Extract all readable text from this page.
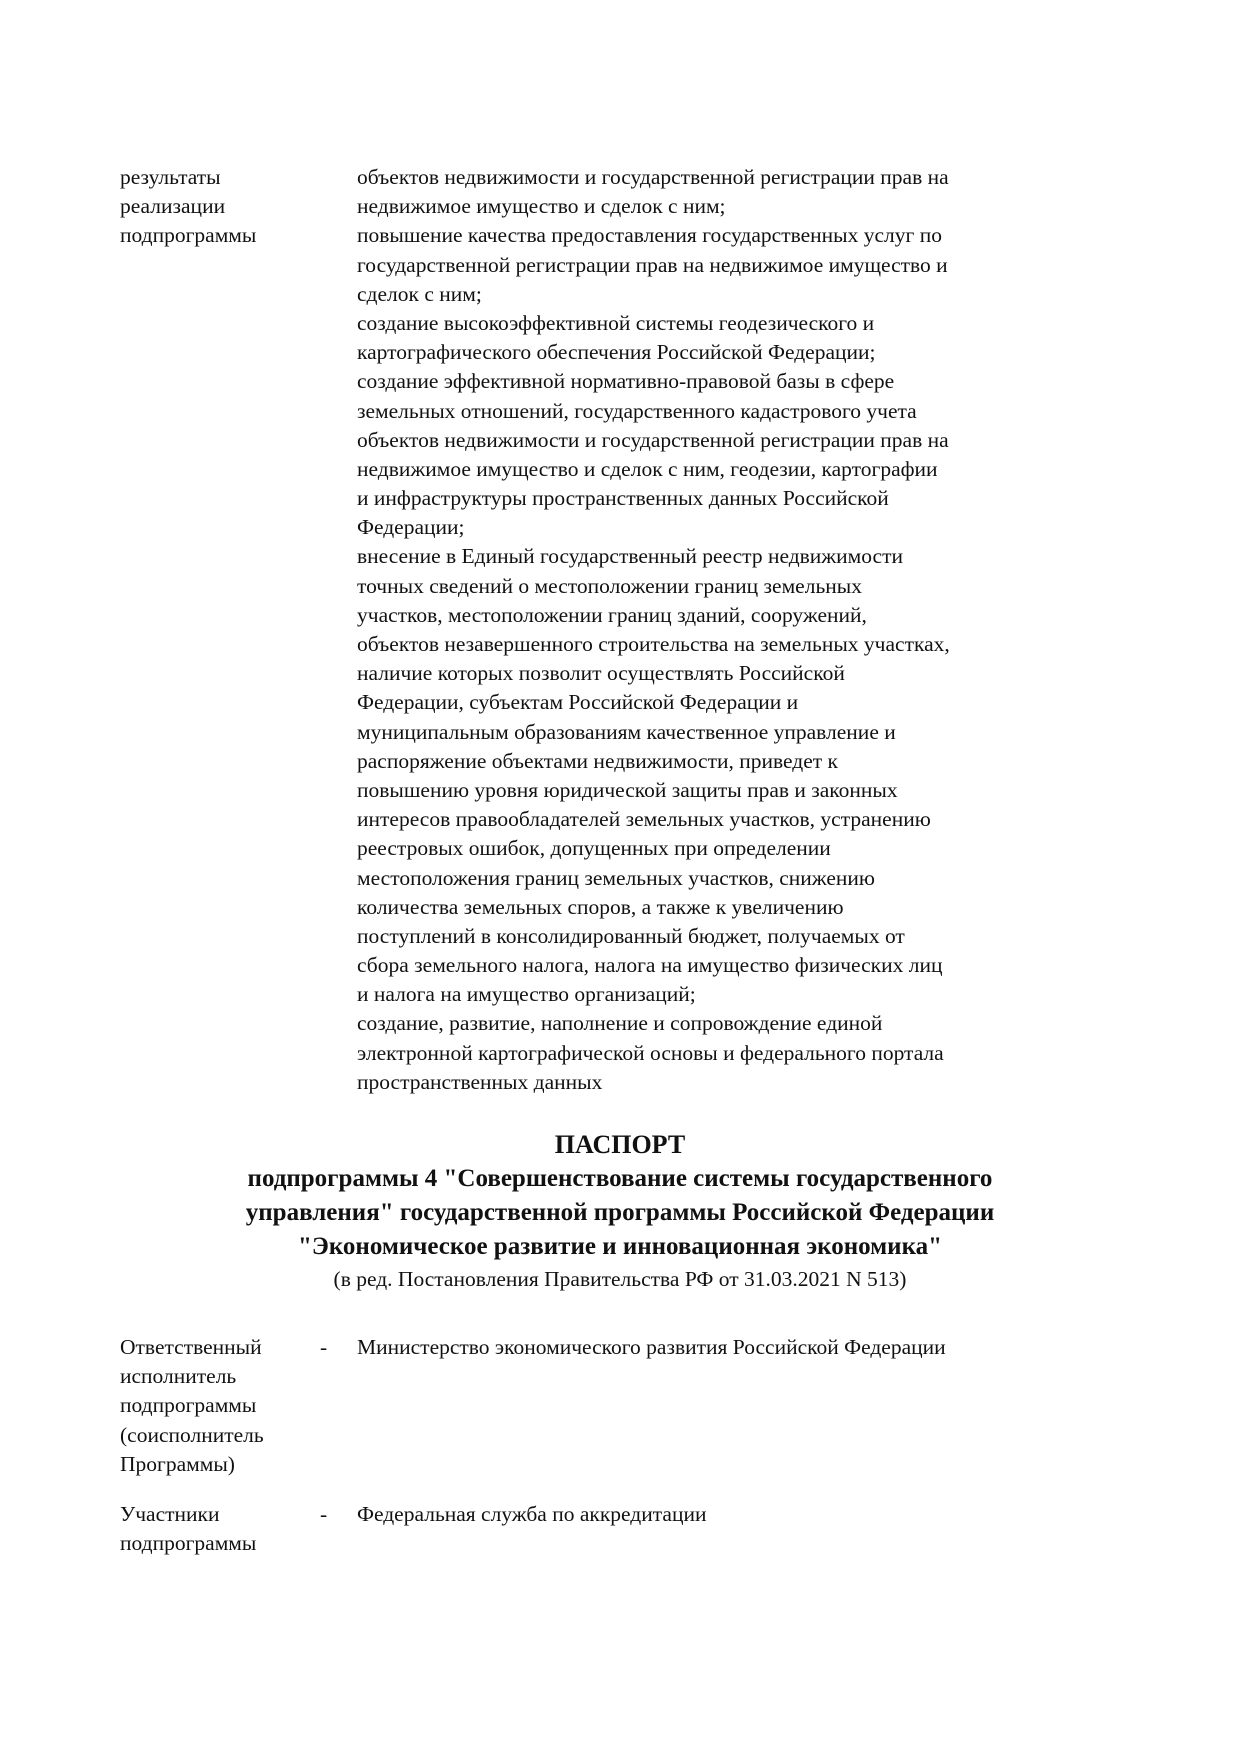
результаты
реализации
подпрограммы
объектов недвижимости и государственной регистрации прав на
недвижимое имущество и сделок с ним;
повышение качества предоставления государственных услуг по
государственной регистрации прав на недвижимое имущество и
сделок с ним;
создание высокоэффективной системы геодезического и
картографического обеспечения Российской Федерации;
создание эффективной нормативно-правовой базы в сфере
земельных отношений, государственного кадастрового учета
объектов недвижимости и государственной регистрации прав на
недвижимое имущество и сделок с ним, геодезии, картографии
и инфраструктуры пространственных данных Российской
Федерации;
внесение в Единый государственный реестр недвижимости
точных сведений о местоположении границ земельных
участков, местоположении границ зданий, сооружений,
объектов незавершенного строительства на земельных участках,
наличие которых позволит осуществлять Российской
Федерации, субъектам Российской Федерации и
муниципальным образованиям качественное управление и
распоряжение объектами недвижимости, приведет к
повышению уровня юридической защиты прав и законных
интересов правообладателей земельных участков, устранению
реестровых ошибок, допущенных при определении
местоположения границ земельных участков, снижению
количества земельных споров, а также к увеличению
поступлений в консолидированный бюджет, получаемых от
сбора земельного налога, налога на имущество физических лиц
и налога на имущество организаций;
создание, развитие, наполнение и сопровождение единой
электронной картографической основы и федерального портала
пространственных данных
ПАСПОРТ
подпрограммы 4 "Совершенствование системы государственного
управления" государственной программы Российской Федерации
"Экономическое развитие и инновационная экономика"
(в ред. Постановления Правительства РФ от 31.03.2021 N 513)
Ответственный
исполнитель
подпрограммы
(соисполнитель
Программы)
- Министерство экономического развития Российской Федерации
Участники
подпрограммы
- Федеральная служба по аккредитации
